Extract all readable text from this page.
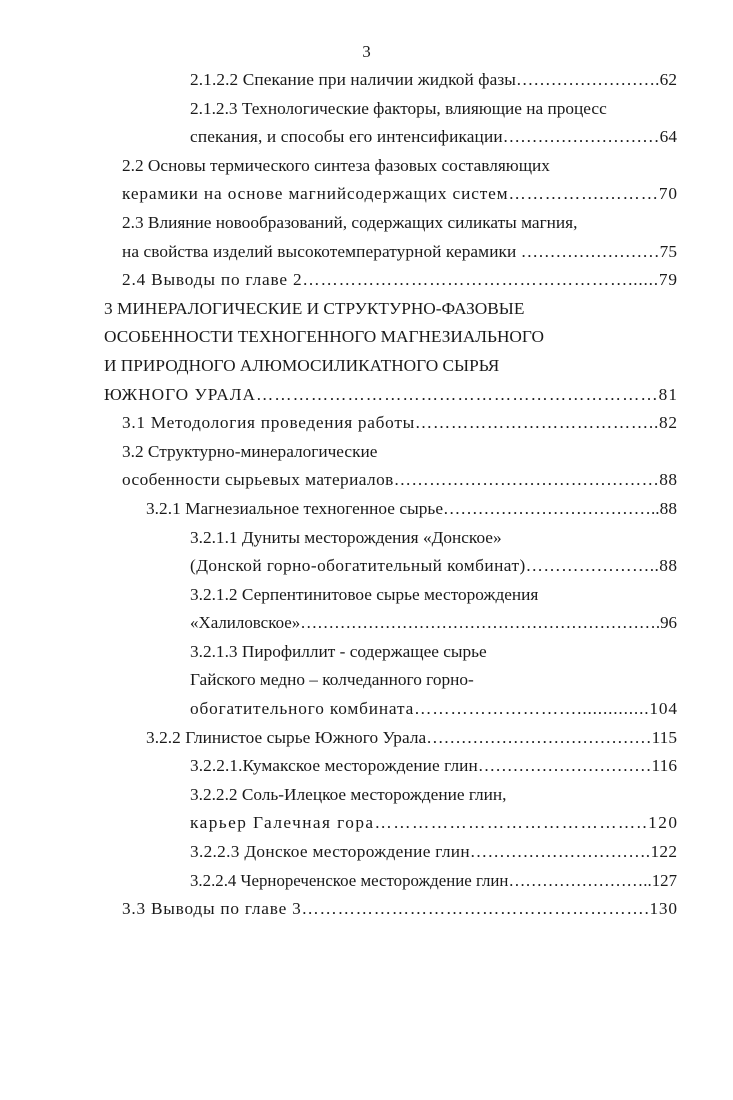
3
2.1.2.2 Спекание при наличии жидкой фазы…………………….62
2.1.2.3 Технологические факторы, влияющие на процесс
спекания, и способы его интенсификации………………………64
2.2 Основы термического синтеза фазовых составляющих
керамики на основе магнийсодержащих систем…………….………70
2.3 Влияние новообразований, содержащих силикаты магния,
на свойства изделий высокотемпературной керамики ……………………75
2.4 Выводы по главе 2………………………………………………......79
3 МИНЕРАЛОГИЧЕСКИЕ И СТРУКТУРНО-ФАЗОВЫЕ
ОСОБЕННОСТИ ТЕХНОГЕННОГО МАГНЕЗИАЛЬНОГО
И ПРИРОДНОГО АЛЮМОСИЛИКАТНОГО СЫРЬЯ
ЮЖНОГО УРАЛА…………………………………………………………81
3.1 Методология проведения работы…………………………………..82
3.2 Структурно-минералогические
особенности сырьевых материалов………………………………………88
3.2.1 Магнезиальное техногенное сырье………………………………..88
3.2.1.1 Дуниты месторождения «Донское»
(Донской горно-обогатительный комбинат)…………………..88
3.2.1.2 Серпентинитовое сырье месторождения
«Халиловское»……………………………………………………….96
3.2.1.3 Пирофиллит - содержащее сырье
Гайского медно – колчеданного горно-
обогатительного комбината………………………..............104
3.2.2 Глинистое сырье Южного Урала…………………………………115
3.2.2.1.Кумакское месторождение глин…………………………116
3.2.2.2 Соль-Илецкое месторождение глин,
карьер Галечная гора……………………………………..120
3.2.2.3 Донское месторождение глин………………………….122
3.2.2.4 Чернореченское месторождение глин……………………..127
3.3 Выводы по главе 3………………………………………………….130
